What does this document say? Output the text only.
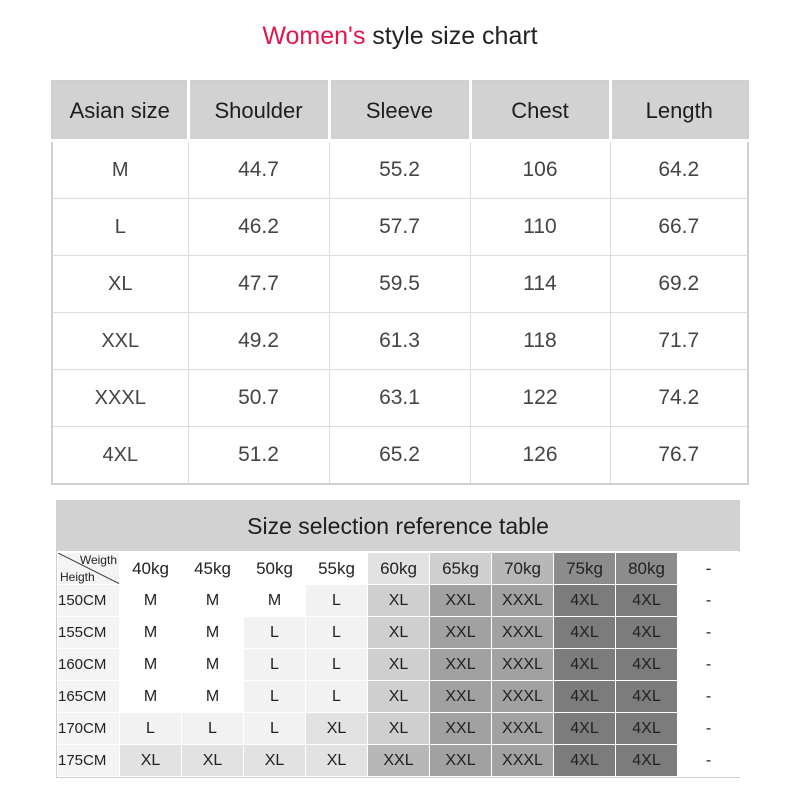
Women's style size chart
Asian size	Shoulder	Sleeve	Chest	Length
M	44.7	55.2	106	64.2
L	46.2	57.7	110	66.7
XL	47.7	59.5	114	69.2
XXL	49.2	61.3	118	71.7
XXXL	50.7	63.1	122	74.2
4XL	51.2	65.2	126	76.7
Size selection reference table
Weigth
Heigth	40kg	45kg	50kg	55kg	60kg	65kg	70kg	75kg	80kg	-
150CM	M	M	M	L	XL	XXL	XXXL	4XL	4XL	-
155CM	M	M	L	L	XL	XXL	XXXL	4XL	4XL	-
160CM	M	M	L	L	XL	XXL	XXXL	4XL	4XL	-
165CM	M	M	L	L	XL	XXL	XXXL	4XL	4XL	-
170CM	L	L	L	XL	XL	XXL	XXXL	4XL	4XL	-
175CM	XL	XL	XL	XL	XXL	XXL	XXXL	4XL	4XL	-
